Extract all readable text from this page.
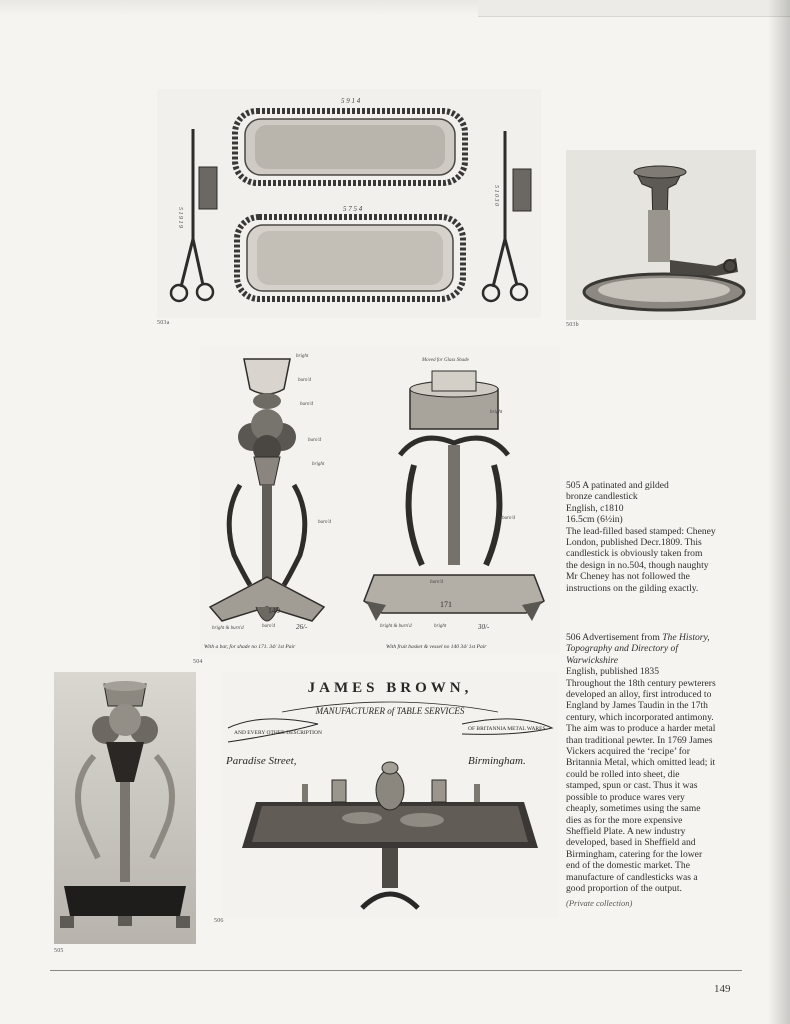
5 9 1 4
5 7 5 4
5 1 9 1 9
5 1 0 3 0
503a	503b
171
140
bright
burn'd
burn'd
burn'd
bright
burn'd
bright & burn'd	burn'd
Moved for Glass Shade
bright
burn'd
burn'd
bright
bright & burn'd
With a bar, for shade no 171. 34/ 1st Pair
26/-
With fruit basket & vessel no 140 34/ 1st Pair
30/-
504
505
JAMES BROWN,
MANUFACTURER of TABLE SERVICES
AND EVERY OTHER DESCRIPTION
OF BRITANNIA METAL WARES.
Paradise Street,	Birmingham.
506

505 A patinated and gilded

bronze candlestick

English, c1810

16.5cm (6½in)

The lead-filled based stamped: Cheney London, published Decr.1809. This candlestick is obviously taken from the design in no.504, though naughty Mr Cheney has not followed the instructions on the gilding exactly.

506 Advertisement from The History, Topography and Directory of Warwickshire

English, published 1835

Throughout the 18th century pewterers developed an alloy, first introduced to England by James Taudin in the 17th century, which incorporated antimony. The aim was to produce a harder metal than traditional pewter. In 1769 James Vickers acquired the ‘recipe’ for Britannia Metal, which omitted lead; it could be rolled into sheet, die stamped, spun or cast. Thus it was possible to produce wares very cheaply, sometimes using the same dies as for the more expensive Sheffield Plate. A new industry developed, based in Sheffield and Birmingham, catering for the lower end of the domestic market. The manufacture of candlesticks was a good proportion of the output.

(Private collection)

149
